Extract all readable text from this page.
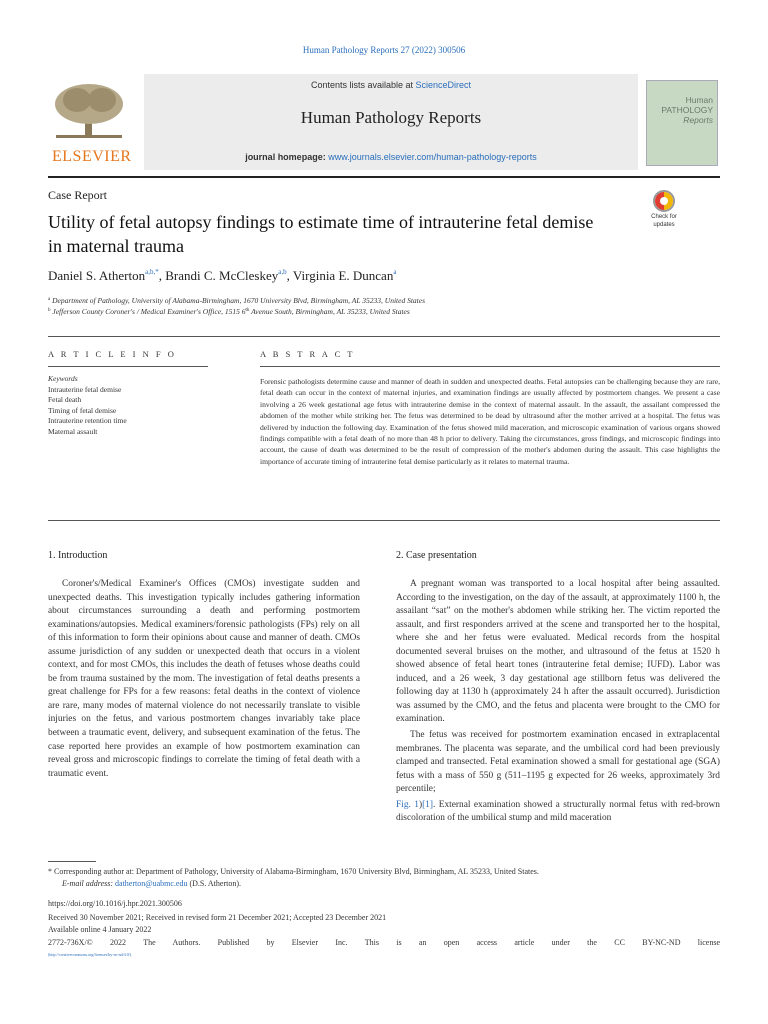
Human Pathology Reports 27 (2022) 300506
ELSEVIER
Contents lists available at ScienceDirect
Human Pathology Reports
journal homepage: www.journals.elsevier.com/human-pathology-reports
Human
PATHOLOGY
Reports
Case Report
Utility of fetal autopsy findings to estimate time of intrauterine fetal demise in maternal trauma
Check for
updates
Daniel S. Atherton$^{a,b,*}$, Brandi C. McCleskey$^{a,b}$, Virginia E. Duncan$^a$
$^a$ Department of Pathology, University of Alabama-Birmingham, 1670 University Blvd, Birmingham, AL 35233, United States
$^b$ Jefferson County Coroner's / Medical Examiner's Office, 1515 6th Avenue South, Birmingham, AL 35233, United States
A R T I C L E I N F O	A B S T R A C T
Keywords
Intrauterine fetal demise
Fetal death
Timing of fetal demise
Intrauterine retention time
Maternal assault
Forensic pathologists determine cause and manner of death in sudden and unexpected deaths. Fetal autopsies can be challenging because they are rare, fetal death can occur in the context of maternal injuries, and examination findings are usually affected by postmortem changes. We present a case involving a 26 week gestational age fetus with intrauterine demise in the context of maternal assault. In the assault, the assailant compressed the abdomen of the mother while striking her. The fetus was determined to be dead by ultrasound after the mother arrived at a hospital. The fetus was delivered by induction the following day. Examination of the fetus showed mild maceration, and microscopic examination of various organs showed findings compatible with a fetal death of no more than 48 h prior to delivery. Taking the circumstances, gross findings, and microscopic findings into account, the cause of death was determined to be the result of compression of the mother's abdomen during the assault. This case highlights the importance of accurate timing of intrauterine fetal demise particularly as it relates to maternal trauma.
1. Introduction	2. Case presentation

Coroner's/Medical Examiner's Offices (CMOs) investigate sudden and unexpected deaths. This investigation typically includes gathering information about circumstances surrounding a death and performing postmortem examinations/autopsies. Medical examiners/forensic pathologists (FPs) rely on all of this information to form their opinions about cause and manner of death. CMOs assume jurisdiction of any sudden or unexpected death that occurs in a violent context, and for most CMOs, this includes the death of fetuses whose deaths could be from trauma sustained by the mom. The investigation of fetal deaths presents a great challenge for FPs for a few reasons: fetal deaths in the context of violence are rare, many modes of maternal violence do not necessarily translate to visible injuries on the fetus, and various postmortem changes invariably take place between a traumatic event, delivery, and subsequent examination of the fetus. The case reported here provides an example of how postmortem examination can reveal gross and microscopic findings to correlate the timing of fetal death with a traumatic event.

A pregnant woman was transported to a local hospital after being assaulted. According to the investigation, on the day of the assault, at approximately 1100 h, the assailant “sat” on the mother's abdomen while striking her. The victim reported the assault, and first responders arrived at the scene and transported her to the hospital, where she and her fetus were evaluated. Medical records from the hospital documented several bruises on the mother, and ultrasound of the fetus at 1520 h showed absence of fetal heart tones (intrauterine fetal demise; IUFD). Labor was induced, and a 26 week, 3 day gestational age stillborn fetus was delivered the following day at 1130 h (approximately 24 h after the assault occurred). Jurisdiction was assumed by the CMO, and the fetus and placenta were brought to the CMO for examination.

The fetus was received for postmortem examination encased in extraplacental membranes. The placenta was separate, and the umbilical cord had been previously clamped and transected. Fetal examination showed a small for gestational age (SGA) fetus with a mass of 550 g (511–1195 g expected for 26 weeks, approximately 3rd percentile;

Fig. 1)[1]. External examination showed a structurally normal fetus with red-brown discoloration of the umbilical stump and mild maceration
* Corresponding author at: Department of Pathology, University of Alabama-Birmingham, 1670 University Blvd, Birmingham, AL 35233, United States.
E-mail address: datherton@uabmc.edu (D.S. Atherton).
https://doi.org/10.1016/j.hpr.2021.300506
Received 30 November 2021; Received in revised form 21 December 2021; Accepted 23 December 2021
Available online 4 January 2022
2772-736X/© 2022 The Authors. Published by Elsevier Inc. This is an open access article under the CC BY-NC-ND license
(http://creativecommons.org/licenses/by-nc-nd/4.0/).
